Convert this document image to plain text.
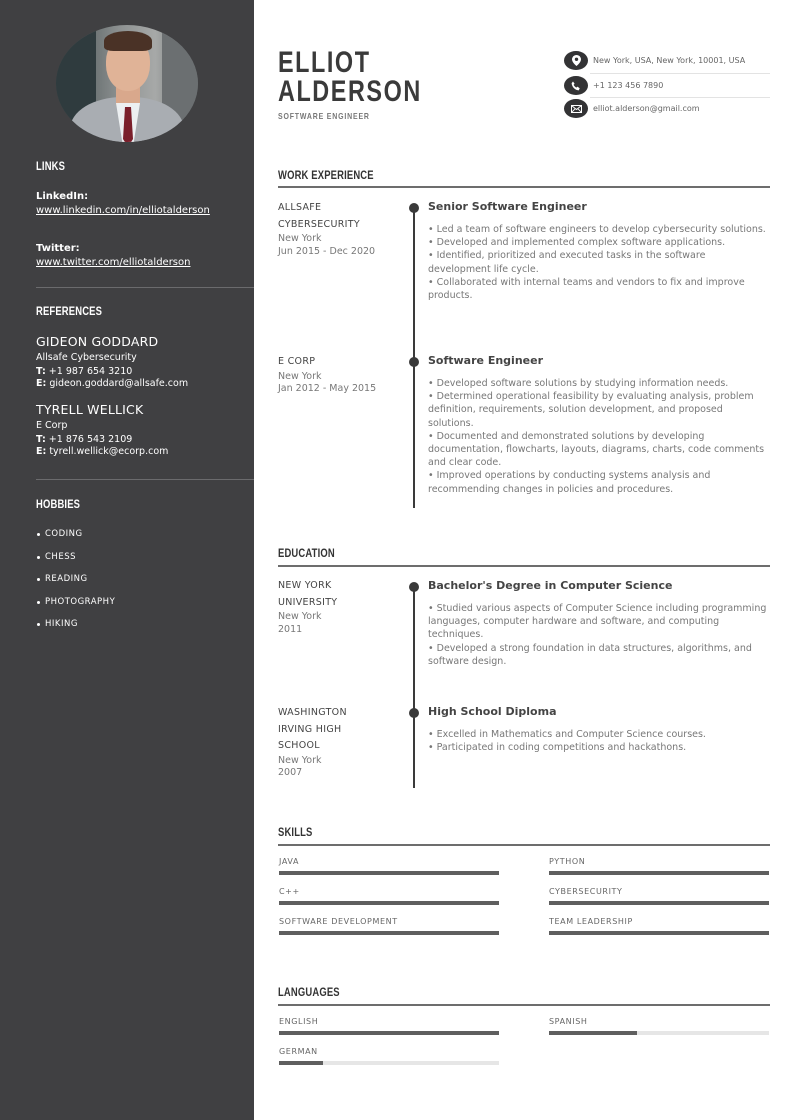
LINKS
LinkedIn:
www.linkedin.com/in/elliotalderson
Twitter:
www.twitter.com/elliotalderson
REFERENCES
GIDEON GODDARD
Allsafe Cybersecurity
T: +1 987 654 3210
E: gideon.goddard@allsafe.com
TYRELL WELLICK
E Corp
T: +1 876 543 2109
E: tyrell.wellick@ecorp.com
HOBBIES
CODING
CHESS
READING
PHOTOGRAPHY
HIKING
ELLIOT
ALDERSON
SOFTWARE ENGINEER
New York, USA, New York, 10001, USA
+1 123 456 7890
elliot.alderson@gmail.com
WORK EXPERIENCE
ALLSAFE
CYBERSECURITY
New York
Jun 2015 - Dec 2020
Senior Software Engineer
• Led a team of software engineers to develop cybersecurity solutions.
• Developed and implemented complex software applications.
• Identified, prioritized and executed tasks in the software development life cycle.
• Collaborated with internal teams and vendors to fix and improve products.
E CORP
New York
Jan 2012 - May 2015
Software Engineer
• Developed software solutions by studying information needs.
• Determined operational feasibility by evaluating analysis, problem definition, requirements, solution development, and proposed solutions.
• Documented and demonstrated solutions by developing documentation, flowcharts, layouts, diagrams, charts, code comments and clear code.
• Improved operations by conducting systems analysis and recommending changes in policies and procedures.
EDUCATION
NEW YORK
UNIVERSITY
New York
2011
Bachelor's Degree in Computer Science
• Studied various aspects of Computer Science including programming languages, computer hardware and software, and computing techniques.
• Developed a strong foundation in data structures, algorithms, and software design.
WASHINGTON
IRVING HIGH
SCHOOL
New York
2007
High School Diploma
• Excelled in Mathematics and Computer Science courses.
• Participated in coding competitions and hackathons.
SKILLS
JAVA	PYTHON
C++	CYBERSECURITY
SOFTWARE DEVELOPMENT	TEAM LEADERSHIP
LANGUAGES
ENGLISH	SPANISH
GERMAN
